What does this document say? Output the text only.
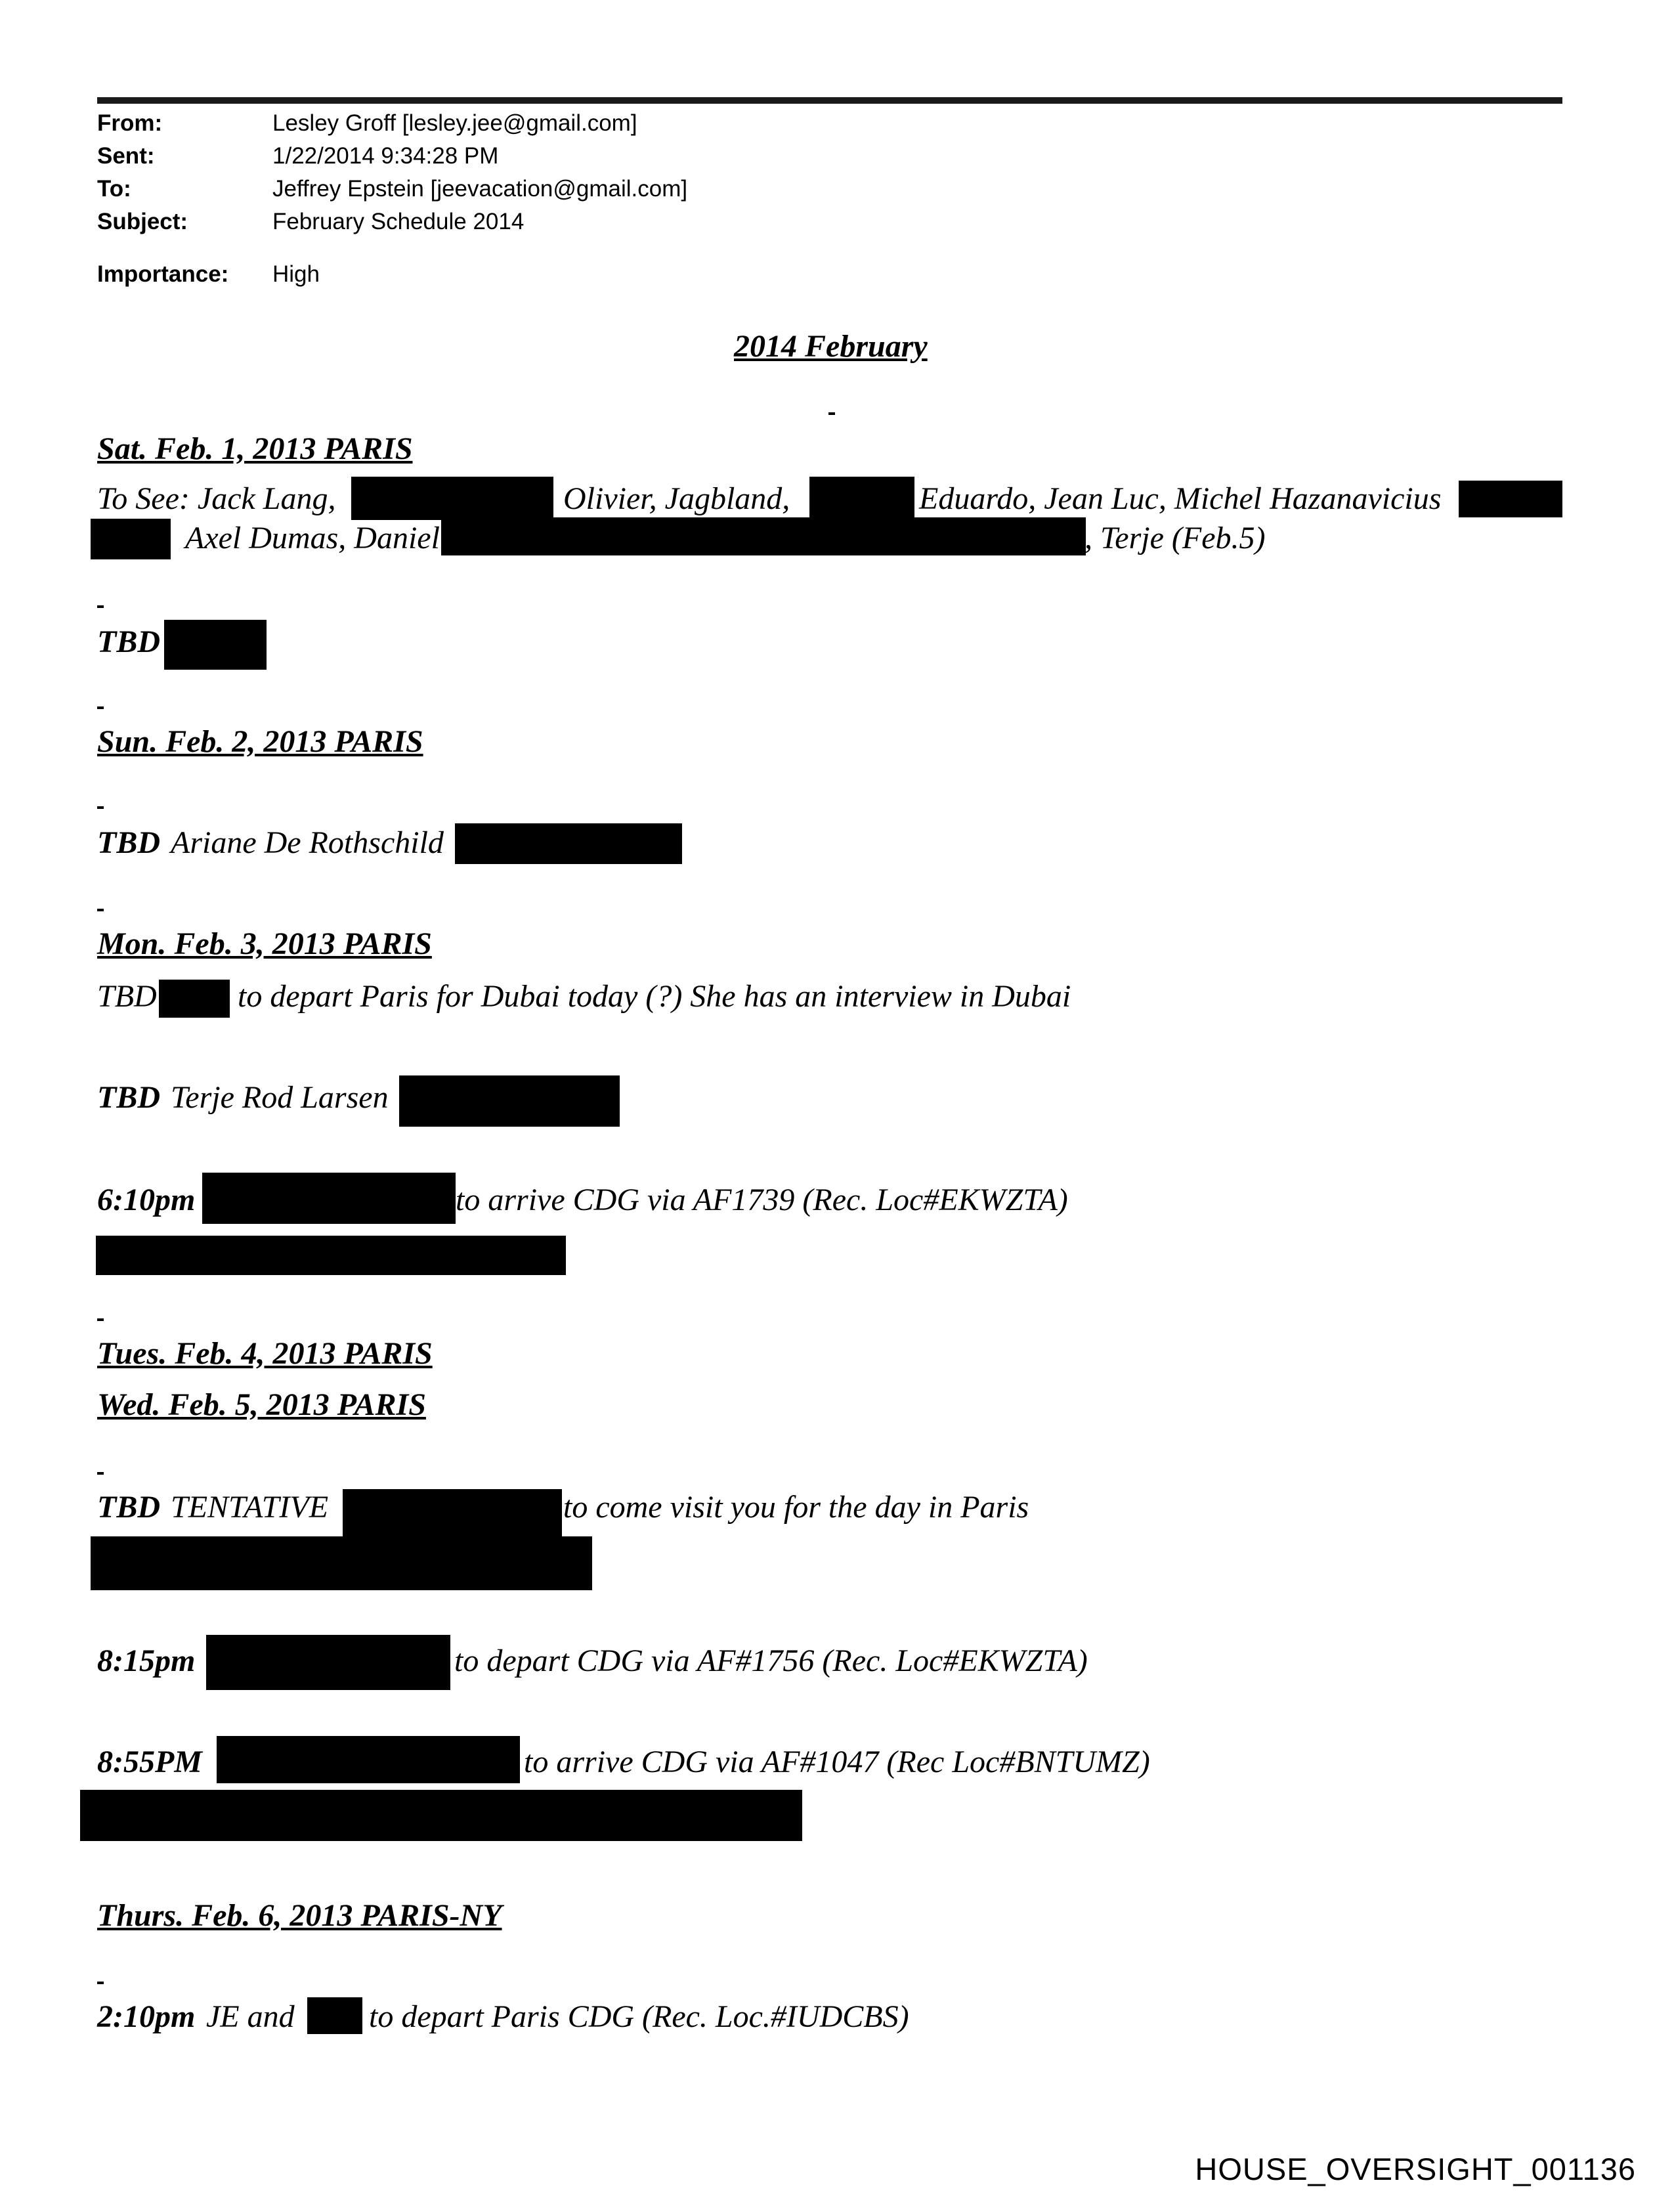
From:	Lesley Groff [lesley.jee@gmail.com]
Sent:	1/22/2014 9:34:28 PM
To:	Jeffrey Epstein [jeevacation@gmail.com]
Subject:	February Schedule 2014
Importance: High
2014 February
Sat. Feb. 1, 2013 PARIS
To See: Jack Lang,	Olivier, Jagbland,	Eduardo, Jean Luc, Michel Hazanavicius
Axel Dumas, Daniel	, Terje (Feb.5)
TBD
Sun. Feb. 2, 2013 PARIS
TBD Ariane De Rothschild
Mon. Feb. 3, 2013 PARIS
TBD	to depart Paris for Dubai today (?) She has an interview in Dubai
TBD Terje Rod Larsen
6:10pm	to arrive CDG via AF1739 (Rec. Loc#EKWZTA)
Tues. Feb. 4, 2013 PARIS
Wed. Feb. 5, 2013 PARIS
TBD TENTATIVE	to come visit you for the day in Paris
8:15pm	to depart CDG via AF#1756 (Rec. Loc#EKWZTA)
8:55PM	to arrive CDG via AF#1047 (Rec Loc#BNTUMZ)
Thurs. Feb. 6, 2013 PARIS-NY
2:10pm JE and to depart Paris CDG (Rec. Loc.#IUDCBS)
HOUSE_OVERSIGHT_001136
